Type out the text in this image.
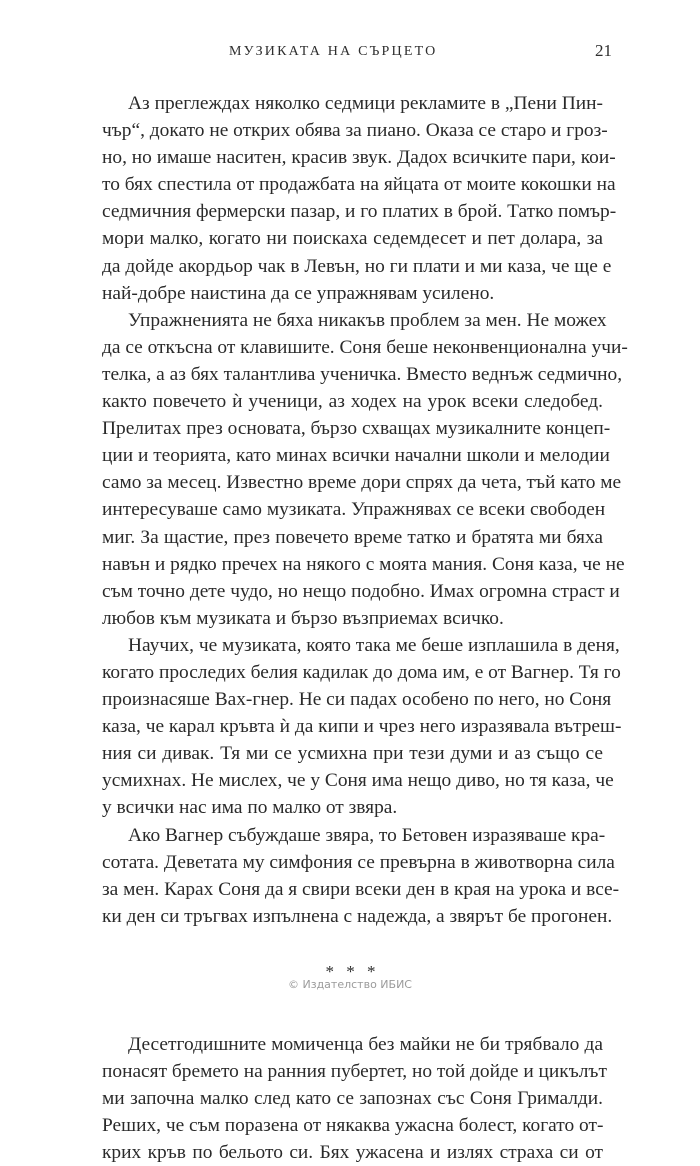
МУЗИКАТА НА СЪРЦЕТО	21
Аз преглеждах няколко седмици рекламите в „Пени Пин-
чър“, докато не открих обява за пиано. Оказа се старо и грoз-
но, но имаше наситен, красив звук. Дадох всичките пари, кои-
то бях спестила от продажбата на яйцата от моите кокошки на
седмичния фермерски пазар, и го платих в брой. Татко помър-
мори малко, когато ни поискаха седемдесет и пет долара, за
да дойде акордьор чак в Левън, но ги плати и ми каза, че ще е
най-добре наистина да се упражнявам усилено.
Упражненията не бяха никакъв проблем за мен. Не можех
да се откъсна от клавишите. Соня беше неконвенционална учи-
телка, а аз бях талантлива ученичка. Вместо веднъж седмично,
както повечето ѝ ученици, аз ходех на урок всеки следобед.
Прелитах през основата, бързо схващах музикалните концеп-
ции и теорията, като минах всички начални школи и мелодии
само за месец. Известно време дори спрях да чета, тъй като ме
интересуваше само музиката. Упражнявах се всеки свободен
миг. За щастие, през повечето време татко и братята ми бяха
навън и рядко пречех на някого с моята мания. Соня каза, че не
съм точно дете чудо, но нещо подобно. Имах огромна страст и
любов към музиката и бързо възприемах всичко.
Научих, че музиката, която така ме беше изплашила в деня,
когато проследих белия кадилак до дома им, е от Вагнер. Тя го
произнасяше Вах-гнер. Не си падах особено по него, но Соня
каза, че карал кръвта ѝ да кипи и чрез него изразявала вътреш-
ния си дивак. Тя ми се усмихна при тези думи и аз също се
усмихнах. Не мислех, че у Соня има нещо диво, но тя каза, че
у всички нас има по малко от звяра.
Ако Вагнер събуждаше звяра, то Бетовен изразяваше кра-
сотата. Деветата му симфония се превърна в животворна сила
за мен. Карах Соня да я свири всеки ден в края на урока и все-
ки ден си тръгвах изпълнена с надежда, а звярът бе прогонен.
* * *
Десетгодишните момиченца без майки не би трябвало да
понасят бремето на ранния пубертет, но той дойде и цикълът
ми започна малко след като се запознах със Соня Грималди.
Реших, че съм поразена от някаква ужасна болест, когато от-
крих кръв по бельото си. Бях ужасена и излях страха си от
© Издателство ИБИС
